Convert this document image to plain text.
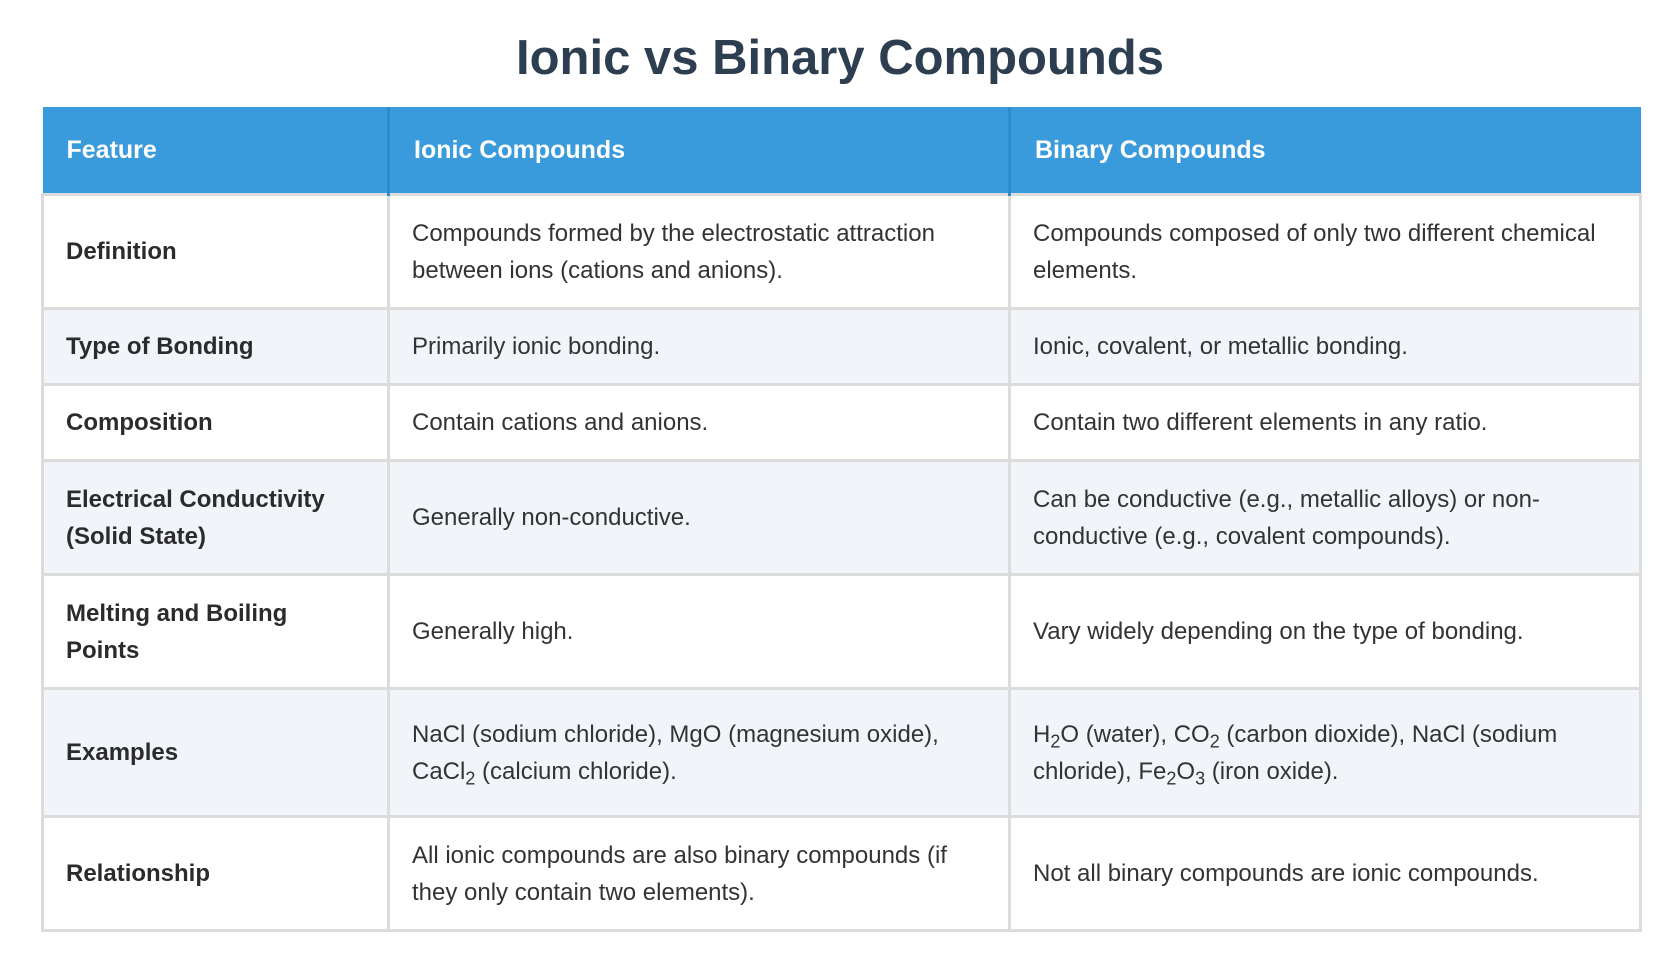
Ionic vs Binary Compounds
Feature	Ionic Compounds	Binary Compounds
Definition	Compounds formed by the electrostatic attraction between ions (cations and anions).	Compounds composed of only two different chemical elements.
Type of Bonding	Primarily ionic bonding.	Ionic, covalent, or metallic bonding.
Composition	Contain cations and anions.	Contain two different elements in any ratio.
Electrical Conductivity (Solid State)	Generally non-conductive.	Can be conductive (e.g., metallic alloys) or non-conductive (e.g., covalent compounds).
Melting and Boiling Points	Generally high.	Vary widely depending on the type of bonding.
Examples	NaCl (sodium chloride), MgO (magnesium oxide), CaCl$_2$ (calcium chloride).	$H_2O$ (water), $CO_2$ (carbon dioxide), NaCl (sodium chloride), $Fe_2O_3$ (iron oxide).
Relationship	All ionic compounds are also binary compounds (if they only contain two elements).	Not all binary compounds are ionic compounds.
